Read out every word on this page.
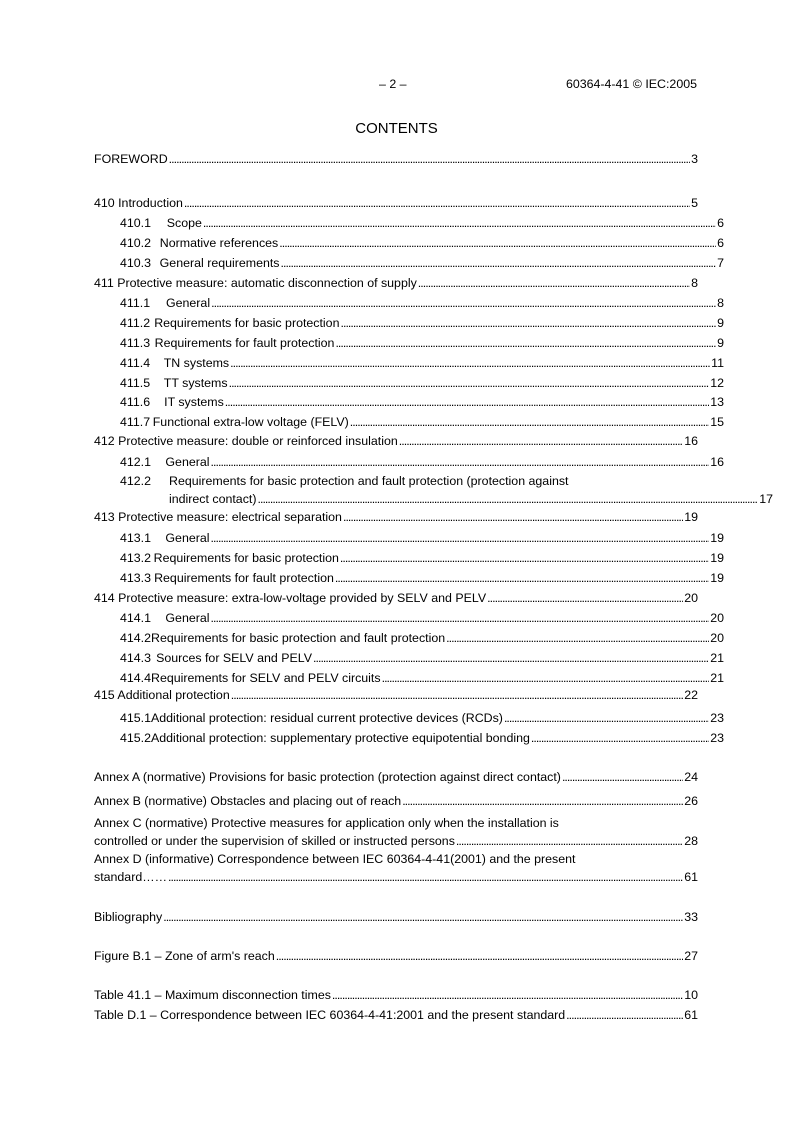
– 2 –	60364-4-41 © IEC:2005
CONTENTS
FOREWORD . . .	3
410 Introduction . . .	5
410.1	Scope . . .	6
410.2 Normative references . . .	6
410.3 General requirements . . .	7
411 Protective measure: automatic disconnection of supply . . .	8
411.1	General . . .	8
411.2 Requirements for basic protection . . .	9
411.3 Requirements for fault protection . . .	9
411.4	TN systems . . .	11
411.5	TT systems . . .	12
411.6	IT systems . . .	13
411.7 Functional extra-low voltage (FELV) . . .	15
412 Protective measure: double or reinforced insulation . . .	16
412.1	General . . .	16
412.2 Requirements for basic protection and fault protection (protection against
indirect contact) . . .	17
413 Protective measure: electrical separation . . .	19
413.1	General . . .	19
413.2 Requirements for basic protection . . .	19
413.3 Requirements for fault protection . . .	19
414 Protective measure: extra-low-voltage provided by SELV and PELV . . .	20
414.1	General . . .	20
414.2 Requirements for basic protection and fault protection . . .	20
414.3 Sources for SELV and PELV . . .	21
414.4 Requirements for SELV and PELV circuits . . .	21
415 Additional protection . . .	22
415.1 Additional protection: residual current protective devices (RCDs) . . .	23
415.2 Additional protection: supplementary protective equipotential bonding . . .	23
Annex A (normative) Provisions for basic protection (protection against direct contact) . . .	24
Annex B (normative) Obstacles and placing out of reach . . .	26
Annex C (normative) Protective measures for application only when the installation is
controlled or under the supervision of skilled or instructed persons . . .	28
Annex D (informative) Correspondence between IEC 60364-4-41(2001) and the present
standard…… . . .	61
Bibliography . . .	33
Figure B.1 – Zone of arm's reach . . .	27
Table 41.1 – Maximum disconnection times . . .	10
Table D.1 – Correspondence between IEC 60364-4-41:2001 and the present standard . . .	61
